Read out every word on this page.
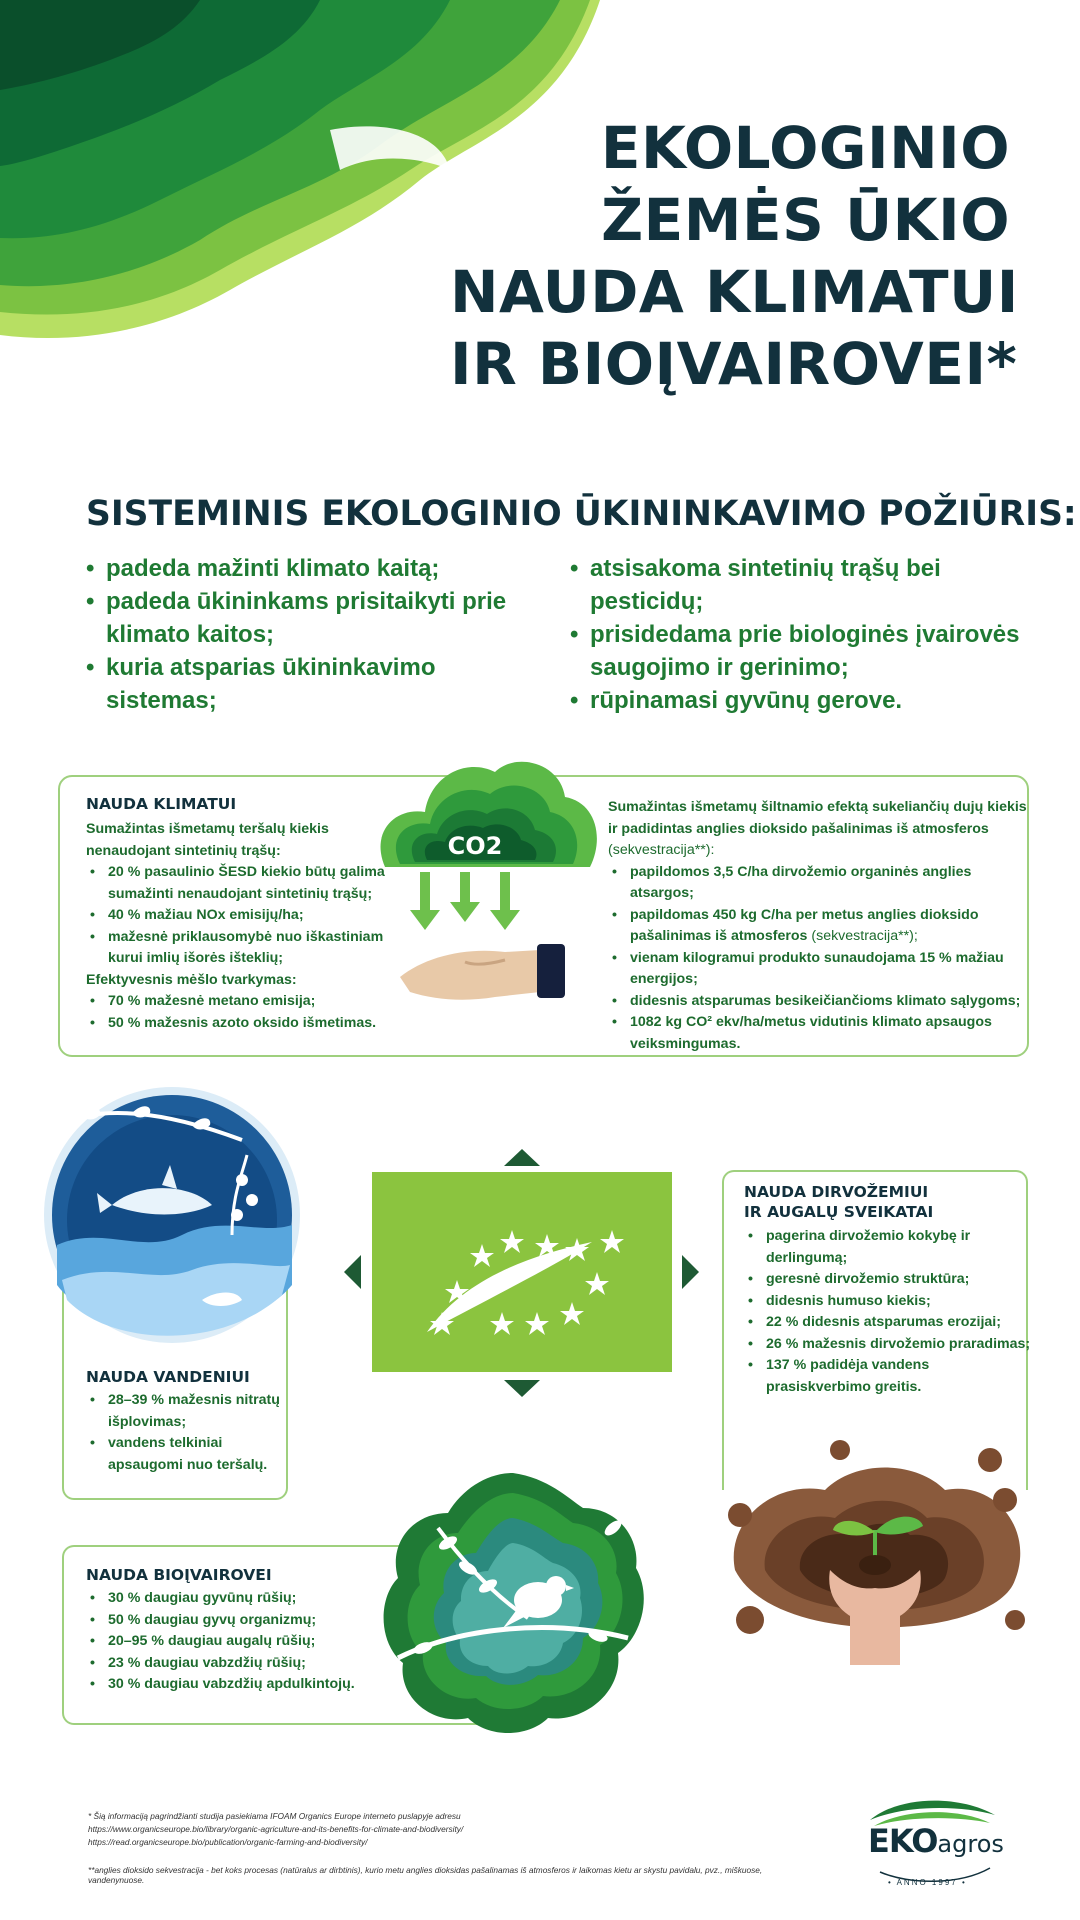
EKOLOGINIO
ŽEMĖS ŪKIO
NAUDA KLIMATUI
IR BIOĮVAIROVEI*
SISTEMINIS EKOLOGINIO ŪKININKAVIMO POŽIŪRIS:
• padeda mažinti klimato kaitą;
• padeda ūkininkams prisitaikyti prie klimato kaitos;
• kuria atsparias ūkininkavimo sistemas;
• atsisakoma sintetinių trąšų bei pesticidų;
• prisidedama prie biologinės įvairovės saugojimo ir gerinimo;
• rūpinamasi gyvūnų gerove.
NAUDA KLIMATUI
Sumažintas išmetamų teršalų kiekis nenaudojant sintetinių trąšų:
• 20 % pasaulinio ŠESD kiekio būtų galima sumažinti nenaudojant sintetinių trąšų;
• 40 % mažiau NOx emisijų/ha;
• mažesnė priklausomybė nuo iškastiniam kurui imlių išorės išteklių;
Efektyvesnis mėšlo tvarkymas:
• 70 % mažesnė metano emisija;
• 50 % mažesnis azoto oksido išmetimas.
CO2
Sumažintas išmetamų šiltnamio efektą sukeliančių dujų kiekis ir padidintas anglies dioksido pašalinimas iš atmosferos (sekvestracija**):
• papildomos 3,5 C/ha dirvožemio organinės anglies atsargos;
• papildomas 450 kg C/ha per metus anglies dioksido pašalinimas iš atmosferos (sekvestracija**);
• vienam kilogramui produkto sunaudojama 15 % mažiau energijos;
• didesnis atsparumas besikeičiančioms klimato sąlygoms;
• 1082 kg CO² ekv/ha/metus vidutinis klimato apsaugos veiksmingumas.
NAUDA VANDENIUI
• 28–39 % mažesnis nitratų išplovimas;
• vandens telkiniai apsaugomi nuo teršalų.
NAUDA DIRVOŽEMIUI
IR AUGALŲ SVEIKATAI
• pagerina dirvožemio kokybę ir derlingumą;
• geresnė dirvožemio struktūra;
• didesnis humuso kiekis;
• 22 % didesnis atsparumas erozijai;
• 26 % mažesnis dirvožemio praradimas;
• 137 % padidėja vandens prasiskverbimo greitis.
NAUDA BIOĮVAIROVEI
• 30 % daugiau gyvūnų rūšių;
• 50 % daugiau gyvų organizmų;
• 20–95 % daugiau augalų rūšių;
• 23 % daugiau vabzdžių rūšių;
• 30 % daugiau vabzdžių apdulkintojų.
* Šią informaciją pagrindžianti studija pasiekiama IFOAM Organics Europe interneto puslapyje adresu
https://www.organicseurope.bio/library/organic-agriculture-and-its-benefits-for-climate-and-biodiversity/
https://read.organicseurope.bio/publication/organic-farming-and-biodiversity/
**anglies dioksido sekvestracija - bet koks procesas (natūralus ar dirbtinis), kurio metu anglies dioksidas pašalinamas iš atmosferos ir laikomas kietu ar skystu pavidalu, pvz., miškuose, vandenynuose.
EKOagros
• ANNO 1997 •
